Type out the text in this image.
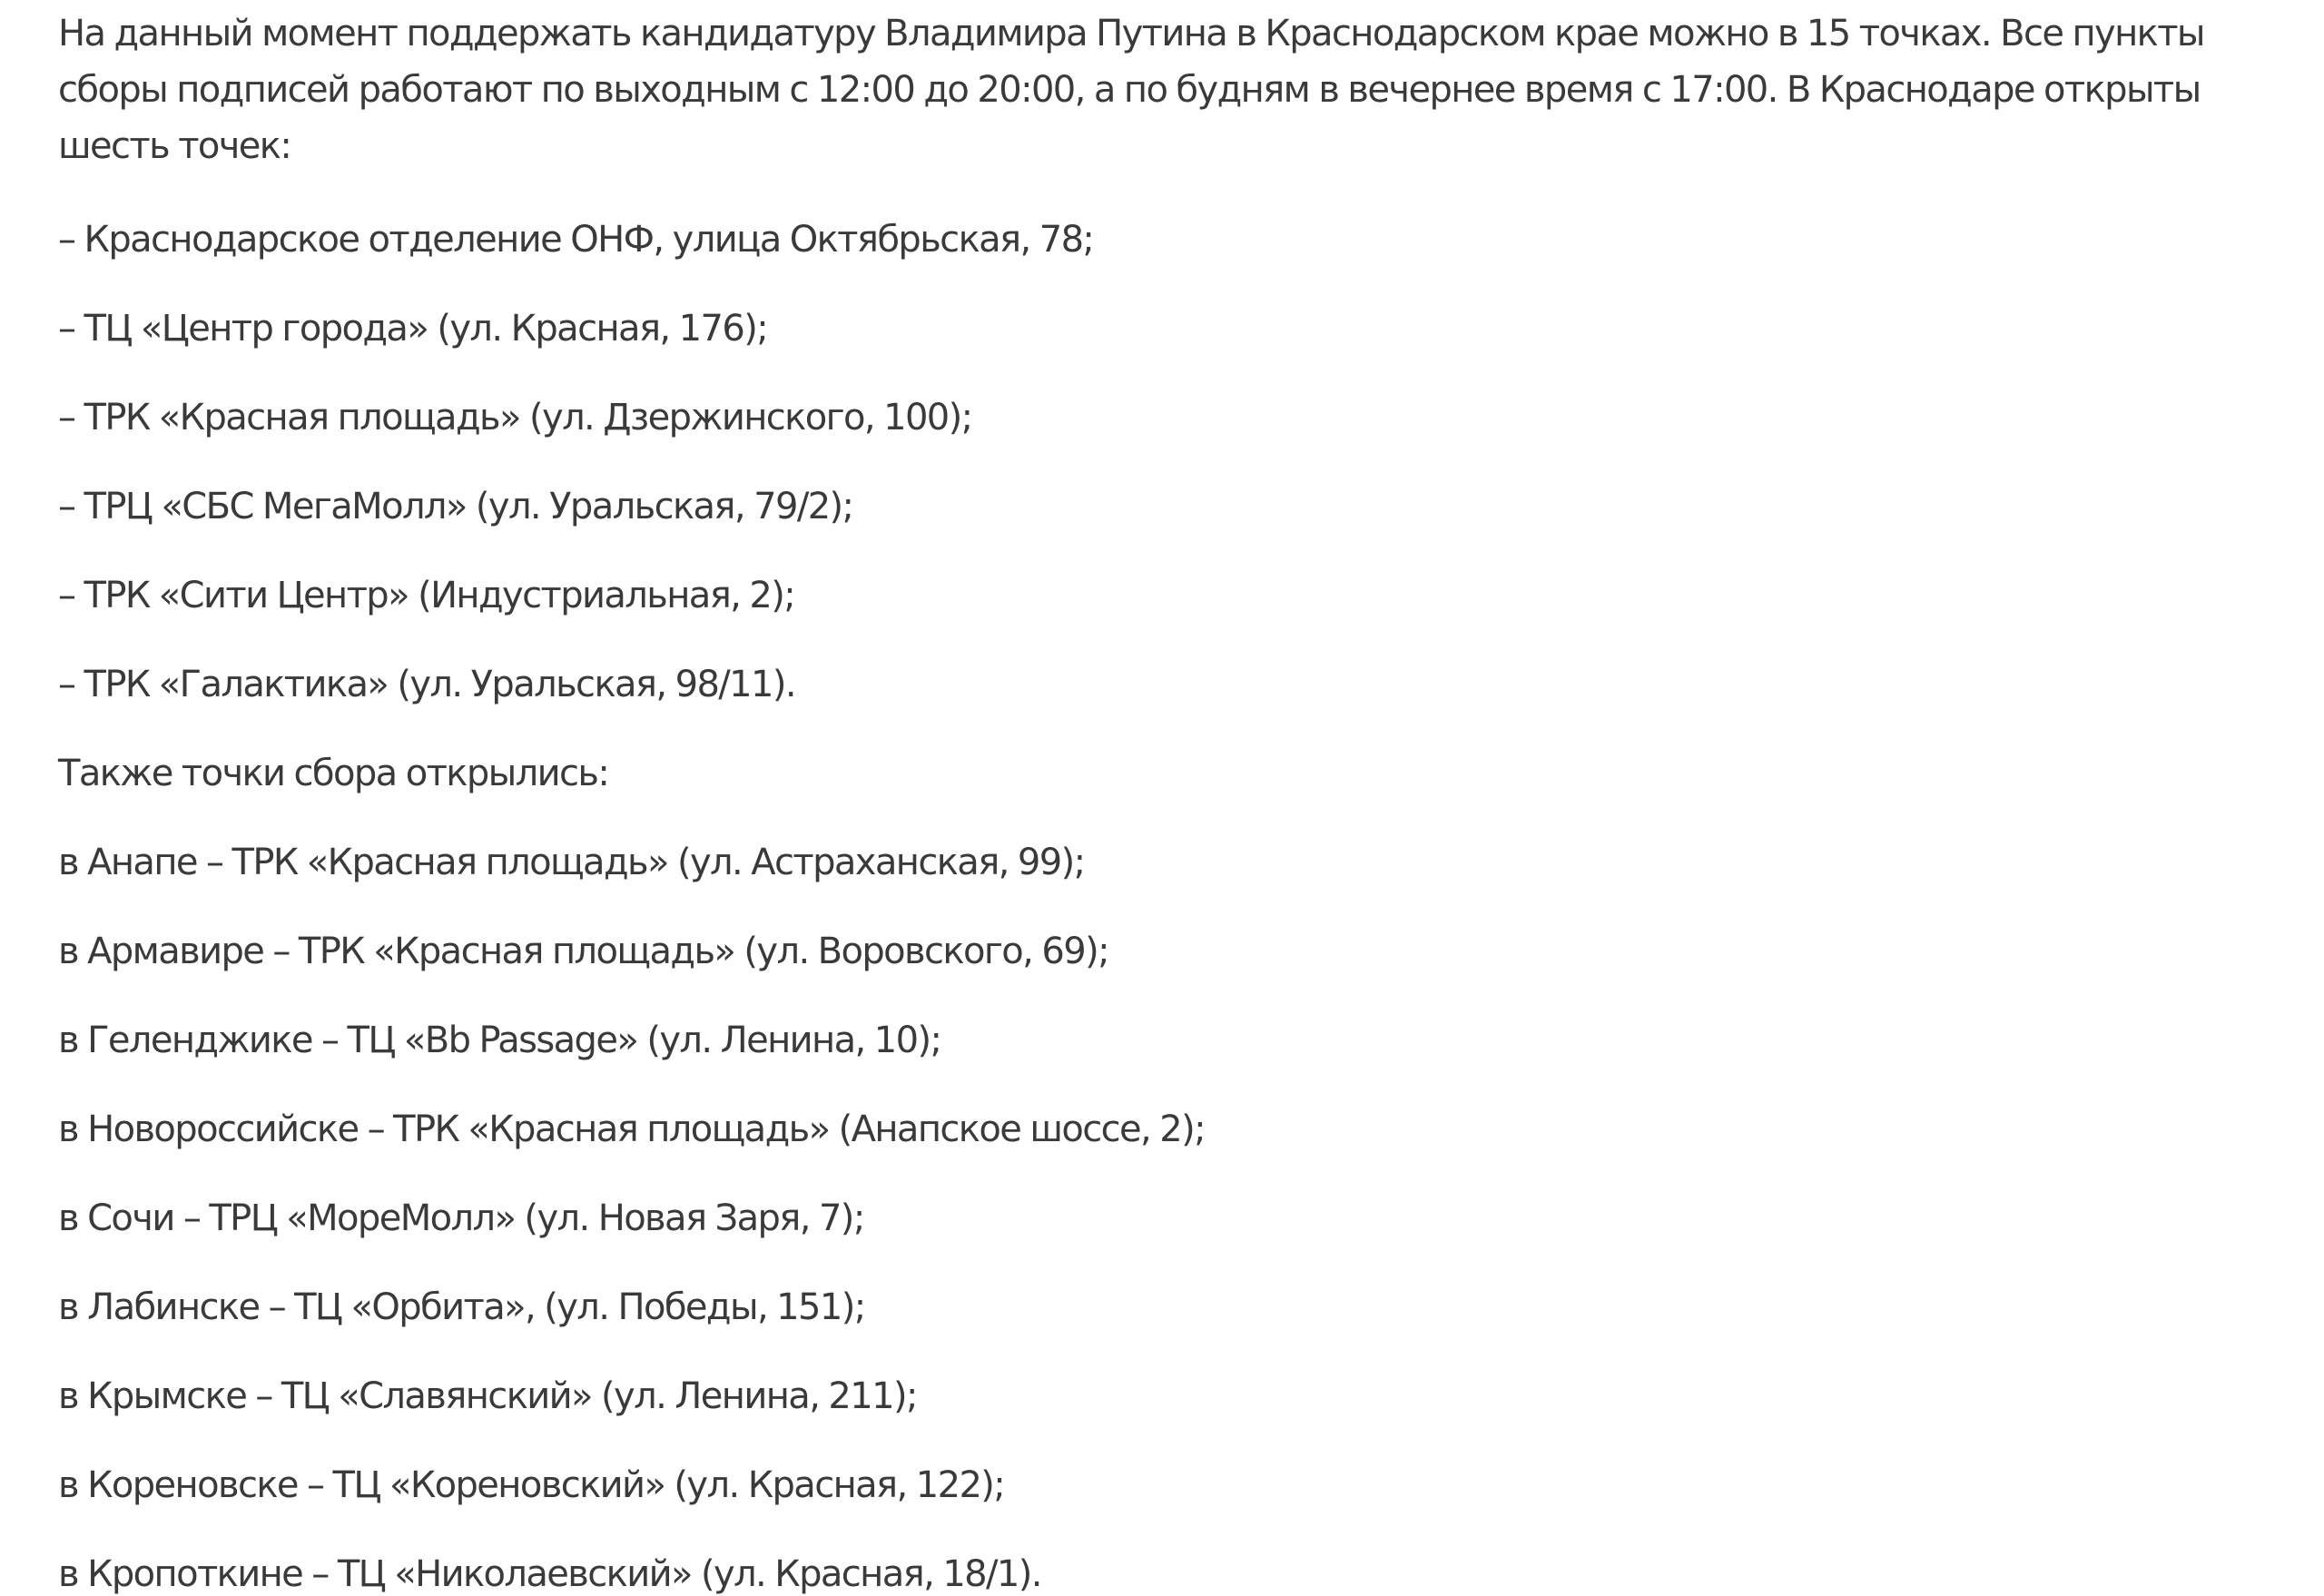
На данный момент поддержать кандидатуру Владимира Путина в Краснодарском крае можно в 15 точках. Все пункты сборы подписей работают по выходным с 12:00 до 20:00, а по будням в вечернее время с 17:00. В Краснодаре открыты шесть точек:

– Краснодарское отделение ОНФ, улица Октябрьская, 78;

– ТЦ «Центр города» (ул. Красная, 176);

– ТРК «Красная площадь» (ул. Дзержинского, 100);

– ТРЦ «СБС МегаМолл» (ул. Уральская, 79/2);

– ТРК «Сити Центр» (Индустриальная, 2);

– ТРК «Галактика» (ул. Уральская, 98/11).

Также точки сбора открылись:

в Анапе – ТРК «Красная площадь» (ул. Астраханская, 99);

в Армавире – ТРК «Красная площадь» (ул. Воровского, 69);

в Геленджике – ТЦ «Bb Passage» (ул. Ленина, 10);

в Новороссийске – ТРК «Красная площадь» (Анапское шоссе, 2);

в Сочи – ТРЦ «МореМолл» (ул. Новая Заря, 7);

в Лабинске – ТЦ «Орбита», (ул. Победы, 151);

в Крымске – ТЦ «Славянский» (ул. Ленина, 211);

в Кореновске – ТЦ «Кореновский» (ул. Красная, 122);

в Кропоткине – ТЦ «Николаевский» (ул. Красная, 18/1).
